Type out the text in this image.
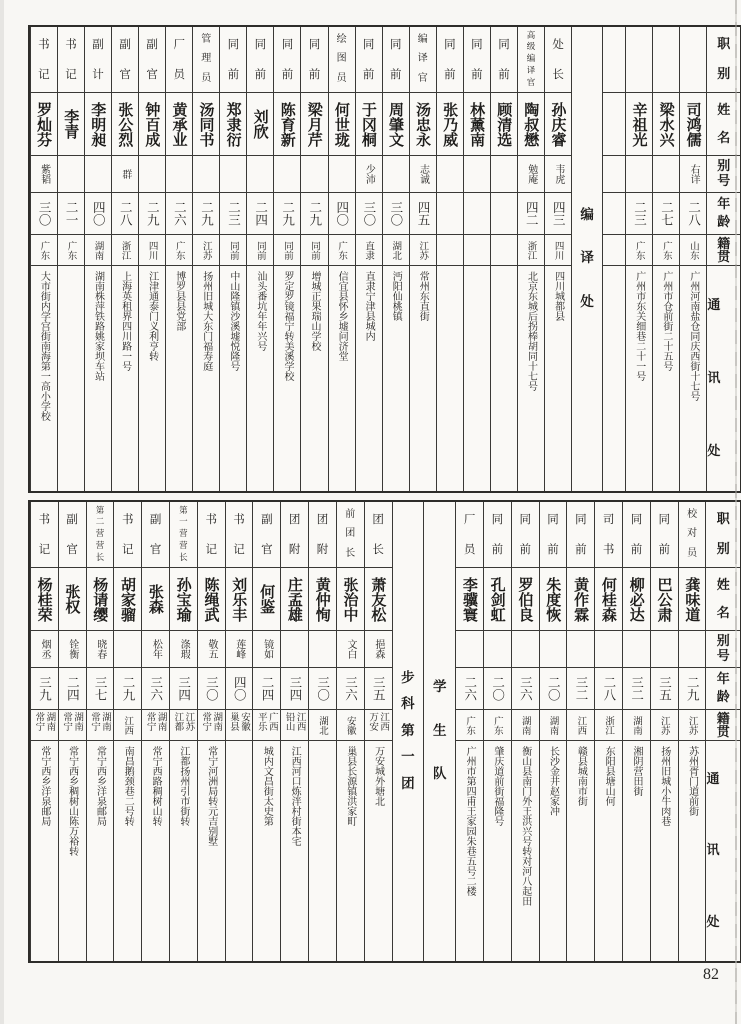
职
别
姓
名
别
号
年
龄
籍
贯
通
讯
处
司鸿儒
右详
二八
山东
广州河南盐仓同庆西街十七号
梁水兴
二七
广东
广州市仓前街二十五号
辛祖光
二三
广东
广州市东关细巷二十一号
编
译
处
处
长
孙庆睿
韦虎
四三
四川
四川城都县
高
级
编
译
官
陶叔懋
勉庵
四二
浙江
北京东城后拐棒胡同十七号
同
前
顾清选
同
前
林薰南
同
前
张乃威
编
译
官
汤忠永
志诚
四五
江苏
常州东直街
同
前
周肇文
三〇
湖北
沔阳仙桃镇
同
前
于冈桐
少沛
三〇
直隶
直隶宁津县城内
绘
图
员
何世珑
四〇
广东
信宜县怀乡墟问济堂
同
前
梁月芹
二九
同前
增城正果瑞山学校
同
前
陈育新
二九
同前
罗定罗镜福宁转美溪学校
同
前
刘欣
二四
同前
汕头番坑年年兴号
同
前
郑隶衍
二三
同前
中山隆镇沙溪墟悦隆号
管
理
员
汤同书
二九
江苏
扬州旧城大东门福寿庭
厂
员
黄承业
二六
广东
博罗县县党部
副
官
钟百成
二九
四川
江津通泰门义利亨转
副
官
张公烈
群
二八
浙江
上海英租界四川路一号
副
计
李明昶
四〇
湖南
湖南株萍铁路姚家坝车站
书
记
李青
二一
广东
书
记
罗灿芬
紫韬
三〇
广东
大市街内学宫街南海第一高小学校
职
别
姓
名
别
号
年
龄
籍
贯
通
讯
处
校
对
员
龚味道
二九
江苏
苏州胥门道前街
同
前
巴公肃
三五
江苏
扬州旧城小牛肉巷
同
前
柳必达
三二
湖南
湘阴营田街
司
书
何桂森
二八
浙江
东阳县塘山何
同
前
黄作霖
三二
江西
赣县城南市街
同
前
朱度恢
二〇
湖南
长沙金井赵家冲
同
前
罗伯良
三六
湖南
衡山县南门外王洪兴号转对河八起田
同
前
孔剑虹
二〇
广东
肇庆道前街福隆号
厂
员
李骥寰
二六
广东
广州市第四甫王家园朱巷五号二楼
学
生
队
步
科
第
一
团
团
长
萧友松
挹森
三五
江西万安
万安城外塘北
前
团
长
张治中
文白
三六
安徽
巢县长源镇洪家町
团
附
黄仲恂
三〇
湖北
团
附
庄孟雄
三四
江西铅山
江西河口炼泮村街本宅
副
官
何鉴
镜如
二四
广西平乐
城内文昌街太史第
书
记
刘乐丰
莲峰
四〇
安徽巢县
书
记
陈绳武
敬五
三〇
湖南常宁
常宁河洲局转元吉别墅
第
一
营
营
长
孙宝瑜
涤瑕
三四
江苏江都
江都扬州引市街转
副
官
张森
松年
三六
湖南常宁
常宁西路稠树山转
书
记
胡家骝
二九
江西
南昌鹅颈巷二号转
第
二
营
营
长
杨请缨
晓春
三七
湖南常宁
常宁西乡洋泉邮局
副
官
张权
铨衡
二四
湖南常宁
常宁西乡稠树山陈万裕转
书
记
杨桂荣
烟丞
三九
湖南常宁
常宁西乡洋泉邮局
82
